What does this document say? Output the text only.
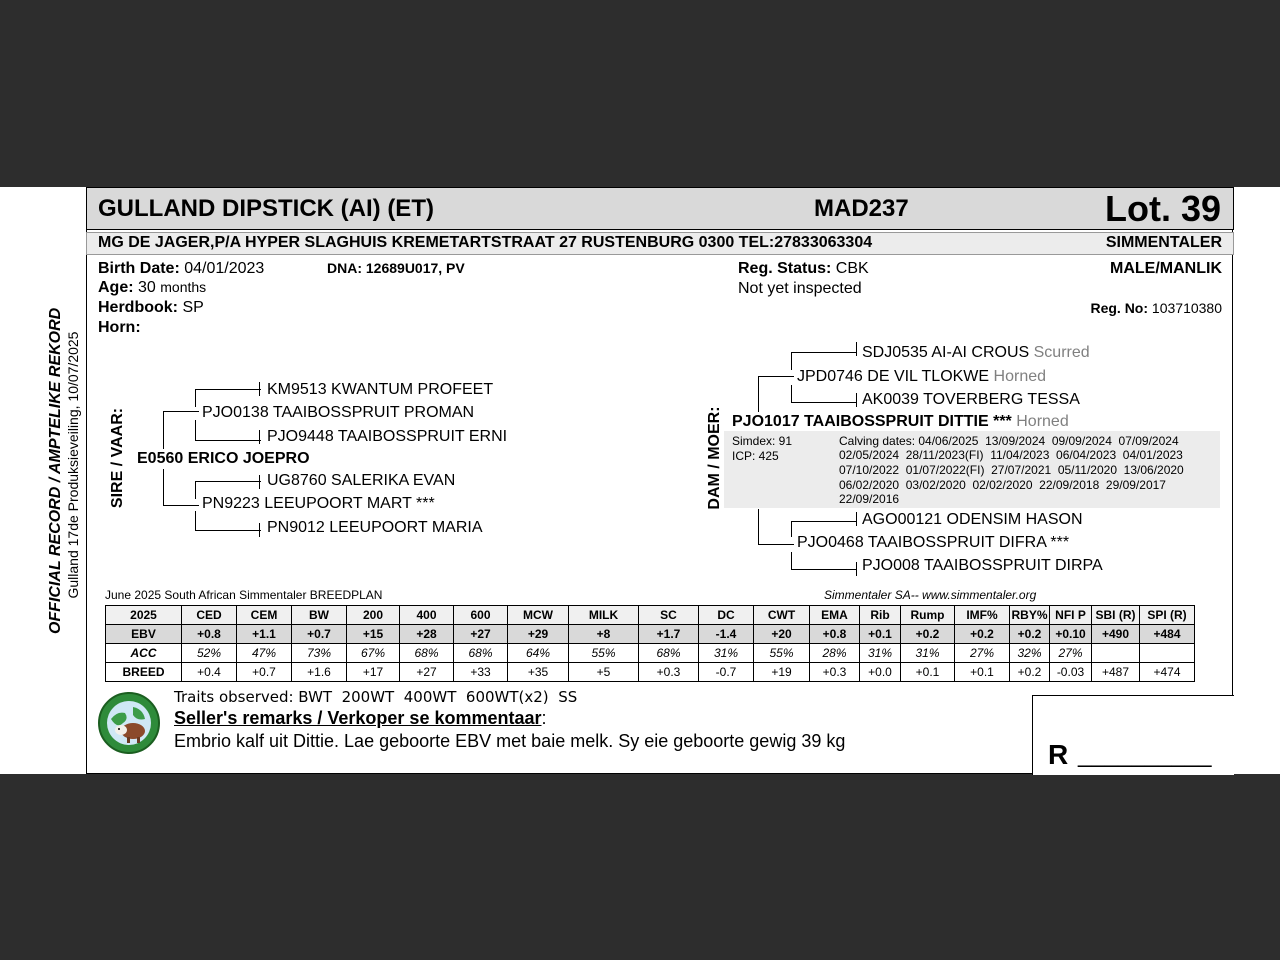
OFFICIAL RECORD / AMPTELIKE REKORD Gulland 17de Produksieveiling, 10/07/2025
GULLAND DIPSTICK (AI) (ET)	MAD237	Lot. 39
MG DE JAGER,P/A HYPER SLAGHUIS KREMETARTSTRAAT 27 RUSTENBURG 0300 TEL:27833063304	SIMMENTALER
Birth Date: 04/01/2023	DNA: 12689U017, PV
Age: 30 months
Herdbook: SP
Horn:
Reg. Status: CBK
Not yet inspected
MALE/MANLIK
Reg. No: 103710380
SIRE / VAAR: E0560 ERICO JOEPRO
PJO0138 TAAIBOSSPRUIT PROMAN
KM9513 KWANTUM PROFEET
PJO9448 TAAIBOSSPRUIT ERNI
PN9223 LEEUPOORT MART ***
UG8760 SALERIKA EVAN
PN9012 LEEUPOORT MARIA
DAM / MOER: PJO1017 TAAIBOSSPRUIT DITTIE *** Horned
JPD0746 DE VIL TLOKWE Horned
SDJ0535 AI-AI CROUS Scurred
AK0039 TOVERBERG TESSA
Simdex: 91
ICP: 425
Calving dates: 04/06/2025  13/09/2024  09/09/2024  07/09/2024
02/05/2024  28/11/2023(FI)  11/04/2023  06/04/2023  04/01/2023
07/10/2022  01/07/2022(FI)  27/07/2021  05/11/2020  13/06/2020
06/02/2020  03/02/2020  02/02/2020  22/09/2018  29/09/2017
22/09/2016
PJO0468 TAAIBOSSPRUIT DIFRA ***
AGO00121 ODENSIM HASON
PJO008 TAAIBOSSPRUIT DIRPA
June 2025 South African Simmentaler BREEDPLAN	Simmentaler SA-- www.simmentaler.org
2025	CED	CEM	BW	200	400	600	MCW	MILK	SC	DC	CWT	EMA	Rib	Rump	IMF%	RBY%	NFI P	SBI (R)	SPI (R)
EBV	+0.8	+1.1	+0.7	+15	+28	+27	+29	+8	+1.7	-1.4	+20	+0.8	+0.1	+0.2	+0.2	+0.2	+0.10	+490	+484
ACC	52%	47%	73%	67%	68%	68%	64%	55%	68%	31%	55%	28%	31%	31%	27%	32%	27%		
BREED	+0.4	+0.7	+1.6	+17	+27	+33	+35	+5	+0.3	-0.7	+19	+0.3	+0.0	+0.1	+0.1	+0.2	-0.03	+487	+474
Traits observed: BWT  200WT  400WT  600WT(x2)  SS
Seller's remarks / Verkoper se kommentaar:
Embrio kalf uit Dittie. Lae geboorte EBV met baie melk. Sy eie geboorte gewig 39 kg	R __________
